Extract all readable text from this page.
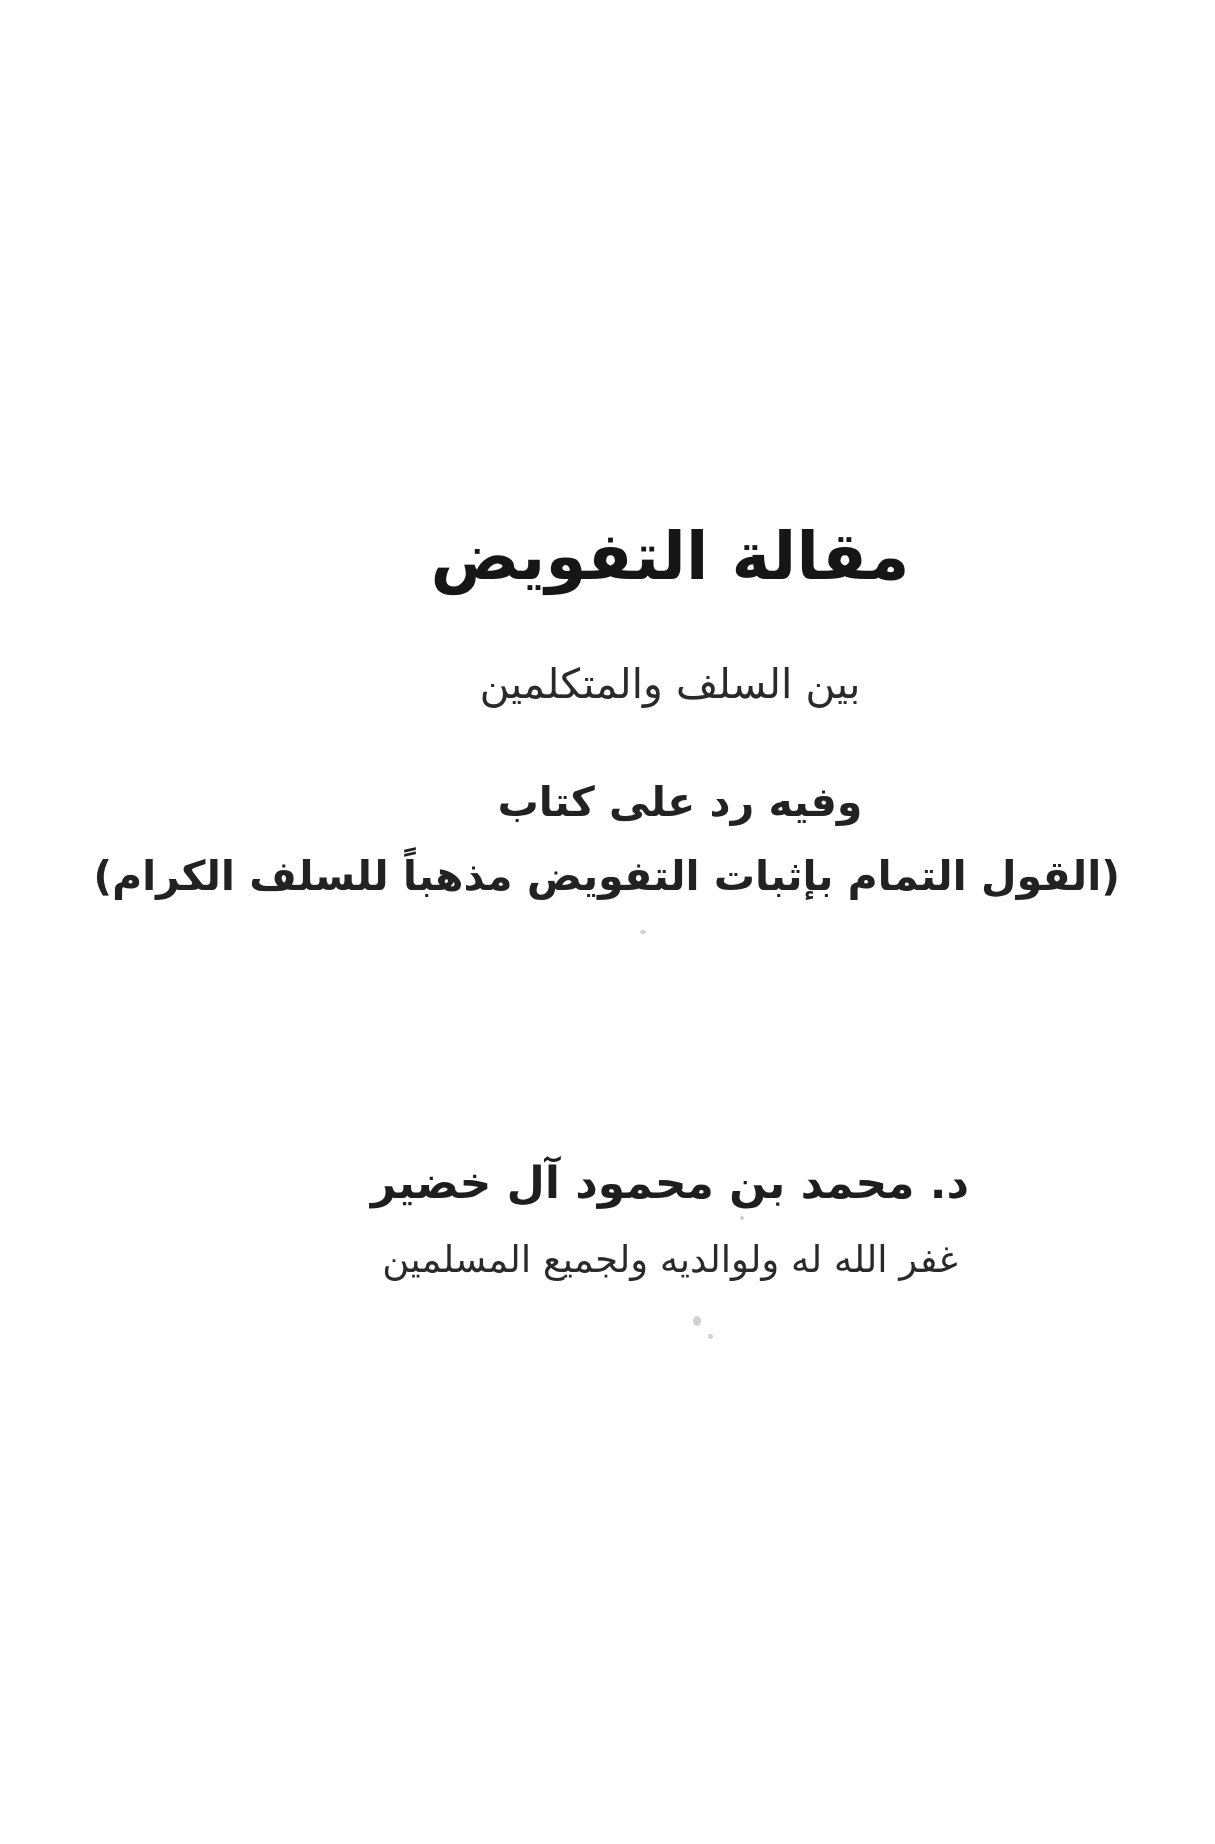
مقالة التفويض
بين السلف والمتكلمين
وفيه رد على كتاب
(القول التمام بإثبات التفويض مذهباً للسلف الكرام)
د. محمد بن محمود آل خضير
غفر الله له ولوالديه ولجميع المسلمين
